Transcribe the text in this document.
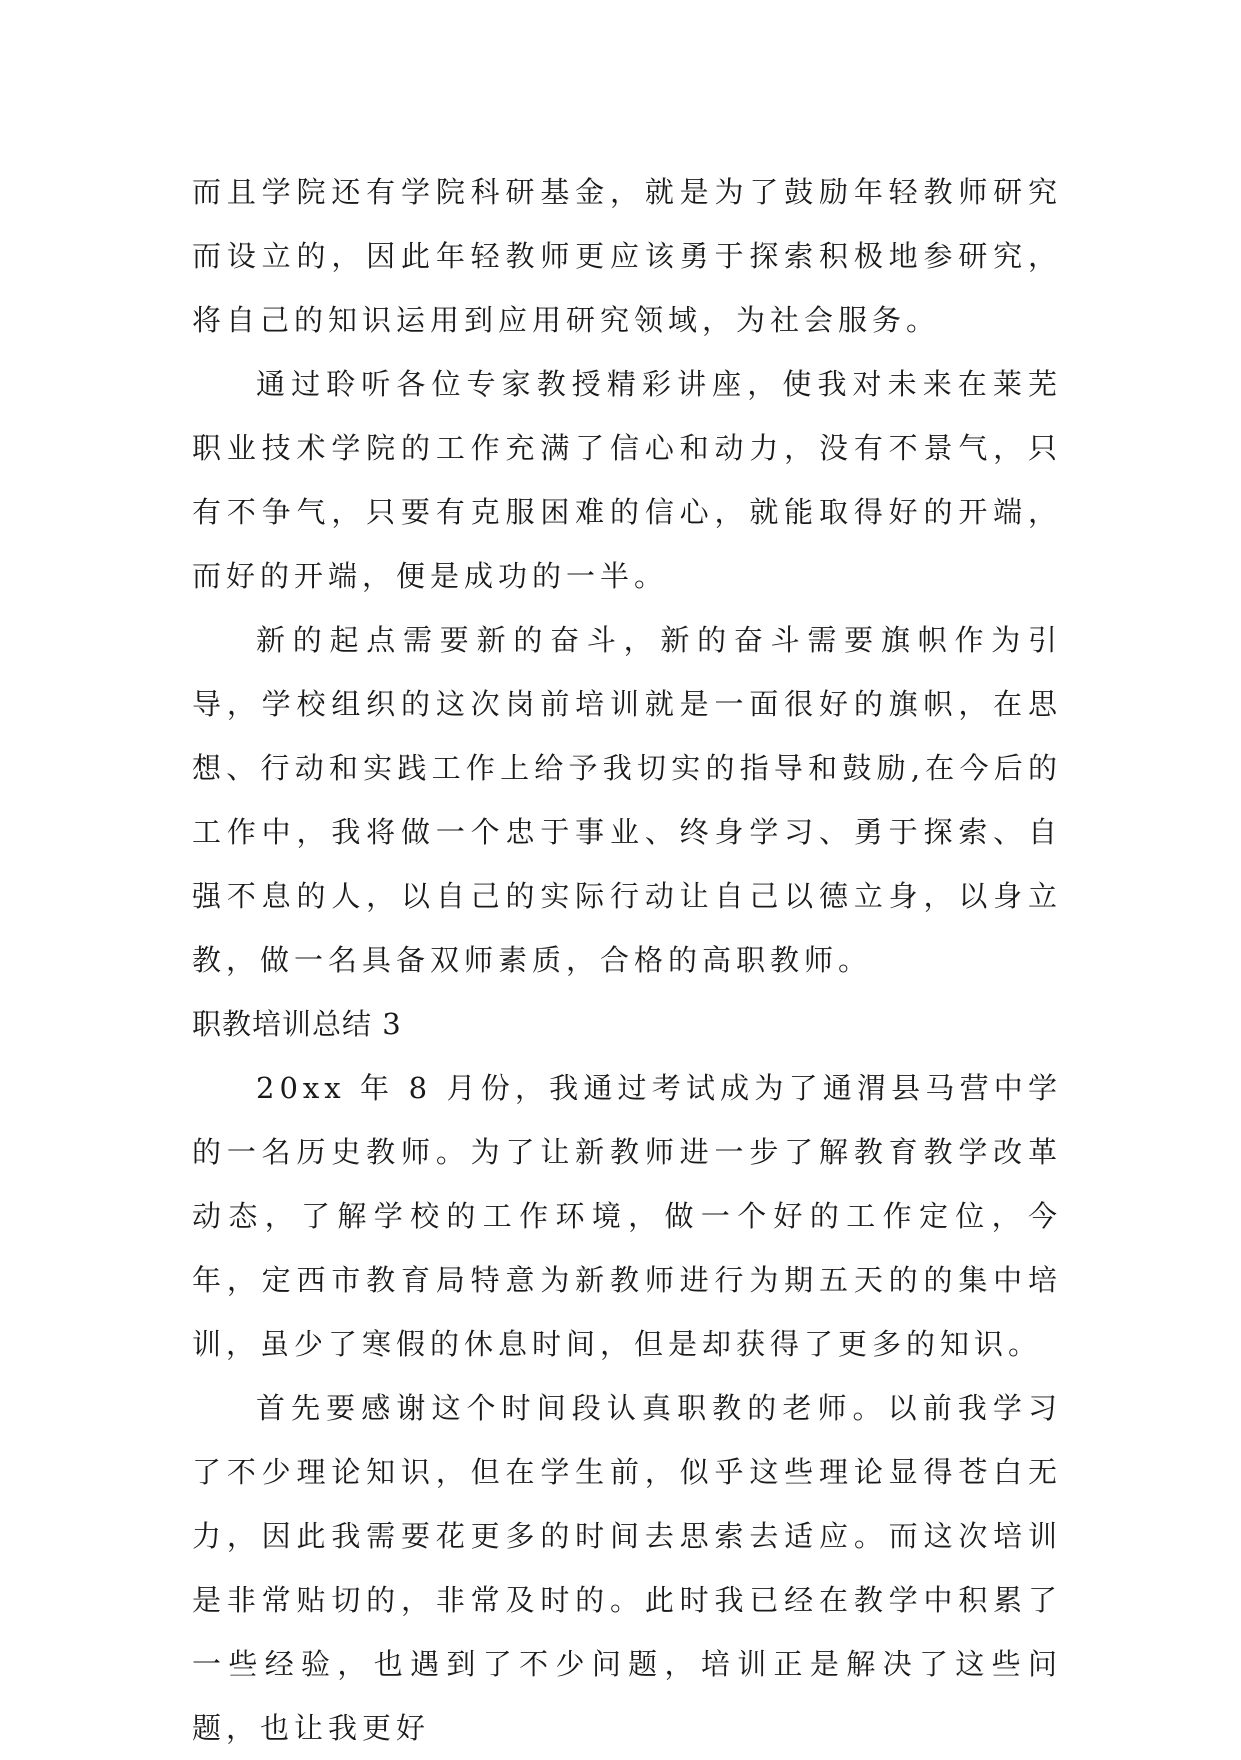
而且学院还有学院科研基金，就是为了鼓励年轻教师研究而设立的，因此年轻教师更应该勇于探索积极地参研究，将自己的知识运用到应用研究领域，为社会服务。

通过聆听各位专家教授精彩讲座，使我对未来在莱芜职业技术学院的工作充满了信心和动力，没有不景气，只有不争气，只要有克服困难的信心，就能取得好的开端，而好的开端，便是成功的一半。

新的起点需要新的奋斗，新的奋斗需要旗帜作为引导，学校组织的这次岗前培训就是一面很好的旗帜，在思想、行动和实践工作上给予我切实的指导和鼓励,在今后的工作中，我将做一个忠于事业、终身学习、勇于探索、自强不息的人，以自己的实际行动让自己以德立身，以身立教，做一名具备双师素质，合格的高职教师。

职教培训总结 3

20xx 年 8 月份，我通过考试成为了通渭县马营中学的一名历史教师。为了让新教师进一步了解教育教学改革动态，了解学校的工作环境，做一个好的工作定位，今年，定西市教育局特意为新教师进行为期五天的的集中培训，虽少了寒假的休息时间，但是却获得了更多的知识。

首先要感谢这个时间段认真职教的老师。以前我学习了不少理论知识，但在学生前，似乎这些理论显得苍白无力，因此我需要花更多的时间去思索去适应。而这次培训是非常贴切的，非常及时的。此时我已经在教学中积累了一些经验，也遇到了不少问题，培训正是解决了这些问题，也让我更好
